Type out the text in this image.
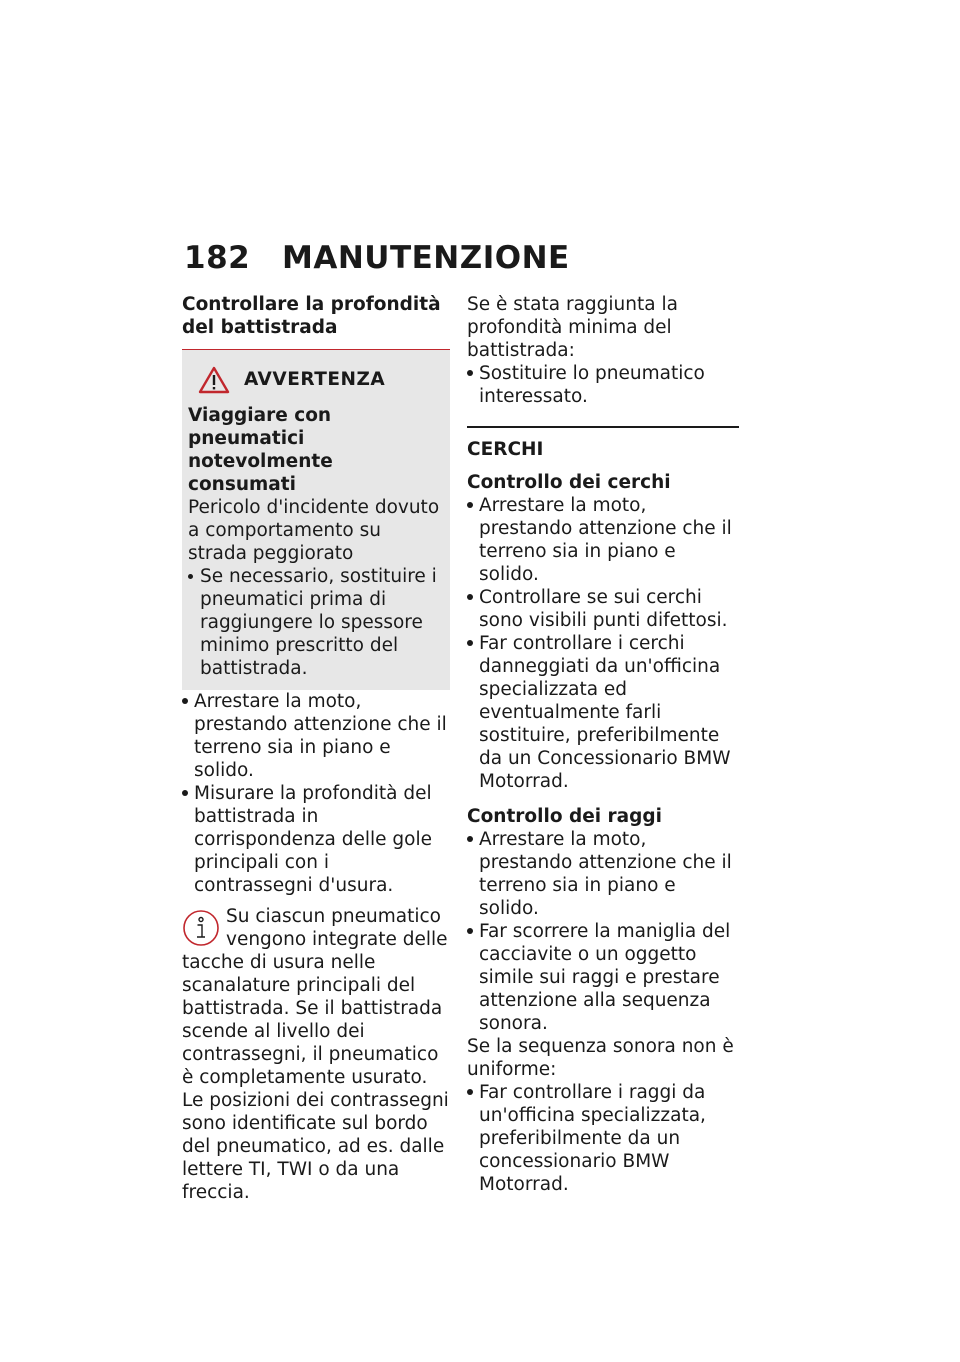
182 MANUTENZIONE

Controllare la profondità del battistrada

AVVERTENZA

Viaggiare con pneumatici notevolmente consumati

Pericolo d'incidente dovuto a comportamento su strada peggiorato

Se necessario, sostituire i pneumatici prima di raggiungere lo spessore minimo prescritto del battistrada.
Arrestare la moto, prestando attenzione che il terreno sia in piano e solido.
Misurare la profondità del battistrada in corrispondenza delle gole principali con i contrassegni d'usura.

Su ciascun pneumatico

vengono integrate delle

tacche di usura nelle scanalature principali del battistrada. Se il battistrada scende al livello dei contrassegni, il pneumatico è completamente usurato. Le posizioni dei contrassegni sono identificate sul bordo del pneumatico, ad es. dalle lettere TI, TWI o da una freccia.

Se è stata raggiunta la profondità minima del battistrada:

Sostituire lo pneumatico interessato.

CERCHI

Controllo dei cerchi

Arrestare la moto, prestando attenzione che il terreno sia in piano e solido.
Controllare se sui cerchi sono visibili punti difettosi.
Far controllare i cerchi danneggiati da un'officina specializzata ed eventualmente farli sostituire, preferibilmente da un Concessionario BMW Motorrad.

Controllo dei raggi

Arrestare la moto, prestando attenzione che il terreno sia in piano e solido.
Far scorrere la maniglia del cacciavite o un oggetto simile sui raggi e prestare attenzione alla sequenza sonora.

Se la sequenza sonora non è uniforme:

Far controllare i raggi da un'officina specializzata, preferibilmente da un concessionario BMW Motorrad.
